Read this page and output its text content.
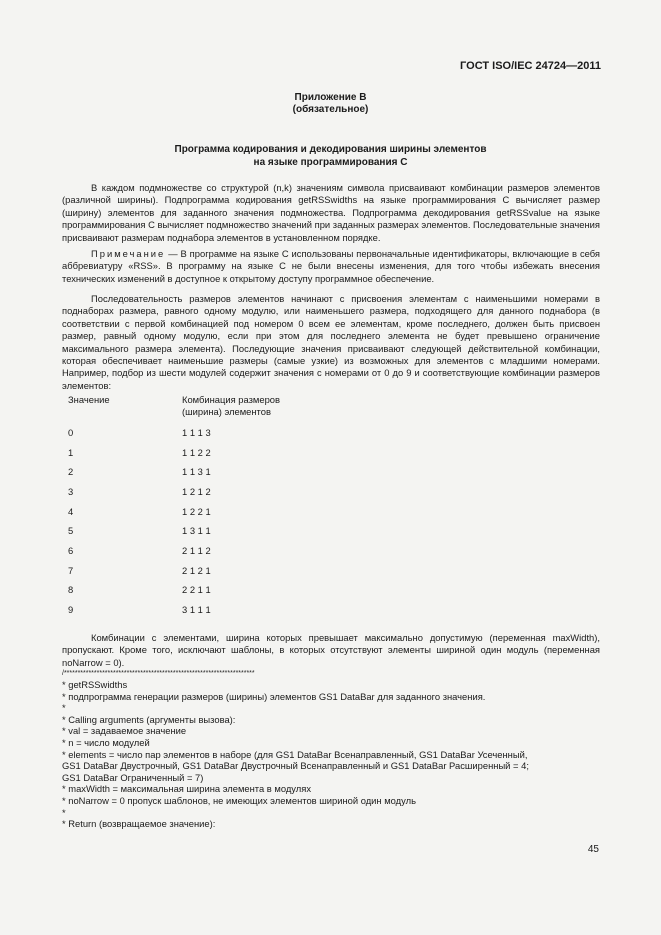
ГОСТ ISO/IEC 24724—2011
Приложение В
(обязательное)
Программа кодирования и декодирования ширины элементов
на языке программирования С

В каждом подмножестве со структурой (n,k) значениям символа присваивают комбинации размеров элементов (различной ширины). Подпрограмма кодирования getRSSwidths на языке программирования С вычисляет размер (ширину) элементов для заданного значения подмножества. Подпрограмма декодирования getRSSvalue на языке программирования С вычисляет подмножество значений при заданных размерах элементов. Последовательные значения присваивают размерам поднабора элементов в установленном порядке.

Примечание — В программе на языке С использованы первоначальные идентификаторы, включающие в себя аббревиатуру «RSS». В программу на языке С не были внесены изменения, для того чтобы избежать внесения технических изменений в доступное к открытому доступу программное обеспечение.

Последовательность размеров элементов начинают с присвоения элементам с наименьшими номерами в поднаборах размера, равного одному модулю, или наименьшего размера, подходящего для данного поднабора (в соответствии с первой комбинацией под номером 0 всем ее элементам, кроме последнего, должен быть присвоен размер, равный одному модулю, если при этом для последнего элемента не будет превышено ограничение максимального размера элемента). Последующие значения присваивают следующей действительной комбинации, которая обеспечивает наименьшие размеры (самые узкие) из возможных для элементов с младшими номерами. Например, подбор из шести модулей содержит значения с номерами от 0 до 9 и соответствующие комбинации размеров элементов:

Значение	Комбинация размеров
(ширина) элементов
0	1 1 1 3
1	1 1 2 2
2	1 1 3 1
3	1 2 1 2
4	1 2 2 1
5	1 3 1 1
6	2 1 1 2
7	2 1 2 1
8	2 2 1 1
9	3 1 1 1

Комбинации с элементами, ширина которых превышает максимально допустимую (переменная maxWidth), пропускают. Кроме того, исключают шаблоны, в которых отсутствуют элементы шириной один модуль (переменная noNarrow = 0).

/**********************************************************************
* getRSSwidths
* подпрограмма генерации размеров (ширины) элементов GS1 DataBar для заданного значения.
*
* Calling arguments (аргументы вызова):
* val = задаваемое значение
* n = число модулей
* elements = число пар элементов в наборе (для GS1 DataBar Всенаправленный, GS1 DataBar Усеченный,
GS1 DataBar Двустрочный, GS1 DataBar Двустрочный Всенаправленный и GS1 DataBar Расширенный = 4;
GS1 DataBar Ограниченный = 7)
* maxWidth = максимальная ширина элемента в модулях
* noNarrow = 0 пропуск шаблонов, не имеющих элементов шириной один модуль
*
* Return (возвращаемое значение):
45
